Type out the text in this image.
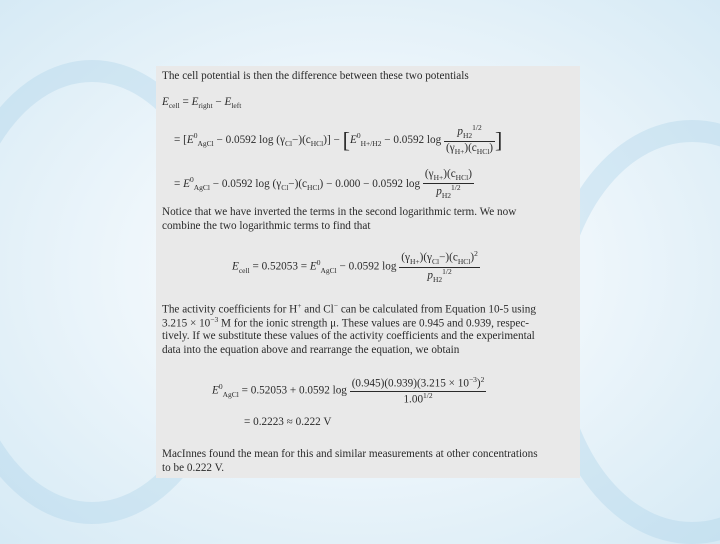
The cell potential is then the difference between these two potentials
$E_{cell} = E_{right} - E_{left}$
= [$E^0_{AgCl} - 0.0592$ $\log (\gamma_{Cl}-)(c_{HCl})] - [E^0_{H+/H2} - 0.0592$ $\log \frac{p_{H2}^{1/2}}{(\gamma_{H+})(c_{HCl})}$ ]
= $E^0_{AgCl} - 0.0592$ $\log (\gamma_{Cl}-)(c_{HCl}) - 0.000 - 0.0592$ $\log \frac{(\gamma_{H+})(c_{HCl})}{p_{H2}^{1/2}}$
Notice that we have inverted the terms in the second logarithmic term. We now
combine the two logarithmic terms to find that
$E_{cell} = 0.52053 = E^0_{AgCl} - 0.0592$ $\log \frac{(\gamma_{H+})(\gamma_{Cl}-)(c_{HCl})^2}{p_{H2}^{1/2}}$
The activity coefficients for H+ and Cl− can be calculated from Equation 10-5 using
$3.215 \times 10^{-3}$ M for the ionic strength μ. These values are 0.945 and 0.939, respec-
tively. If we substitute these values of the activity coefficients and the experimental
data into the equation above and rearrange the equation, we obtain
$E^0_{AgCl} = 0.52053 + 0.0592$ $\log \frac{(0.945)(0.939)(3.215 \times 10^{-3})^2}{1.00^{1/2}}$
= 0.2223 ≈ 0.222 V
MacInnes found the mean for this and similar measurements at other concentrations
to be 0.222 V.
